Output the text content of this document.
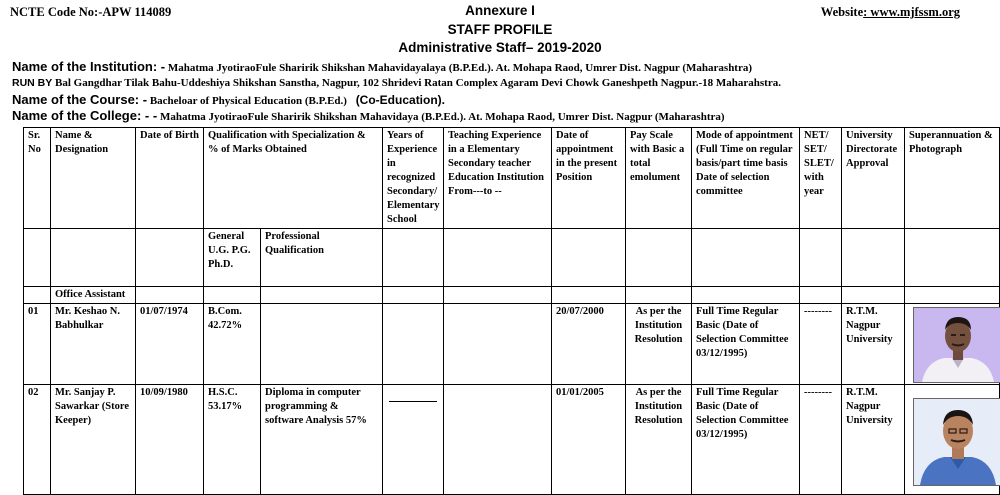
NCTE Code No:-APW 114089	Annexure I
STAFF PROFILE
Administrative Staff– 2019-2020
Website: www.mjfssm.org
Name of the Institution: - Mahatma JyotiraoFule Sharirik Shikshan Mahavidayalaya (B.P.Ed.). At. Mohapa Raod, Umrer Dist. Nagpur (Maharashtra)
RUN BY Bal Gangdhar Tilak Bahu-Uddeshiya Shikshan Sanstha, Nagpur, 102 Shridevi Ratan Complex Agaram Devi Chowk Ganeshpeth Nagpur.-18 Maharahstra.
Name of the Course: - Bacheloar of Physical Education (B.P.Ed.) (Co-Education).
Name of the College: - - Mahatma JyotiraoFule Sharirik Shikshan Mahavidaya (B.P.Ed.). At. Mohapa Raod, Umrer Dist. Nagpur (Maharashtra)
Sr. No	Name & Designation	Date of Birth	Qualification with Specialization & % of Marks Obtained		Years of Experience in recognized Secondary/ Elementary School	Teaching Experience in a Elementary Secondary teacher Education Institution From---to --	Date of appointment in the present Position	Pay Scale with Basic a total emolument	Mode of appointment (Full Time on regular basis/part time basis Date of selection committee	NET/ SET/ SLET/ with year	University Directorate Approval	Superannuation & Photograph
			General U.G. P.G. Ph.D.	Professional Qualification								
	Office Assistant											
01	Mr. Keshao N. Babhulkar	01/07/1974	B.Com. 42.72%				20/07/2000	As per the Institution Resolution	Full Time Regular Basic (Date of Selection Committee 03/12/1995)	--------	R.T.M. Nagpur University	

02	Mr. Sanjay P. Sawarkar (Store Keeper)	10/09/1980	H.S.C. 53.17%	Diploma in computer programming & software Analysis 57%			01/01/2005	As per the Institution Resolution	Full Time Regular Basic (Date of Selection Committee 03/12/1995)	--------	R.T.M. Nagpur University	
